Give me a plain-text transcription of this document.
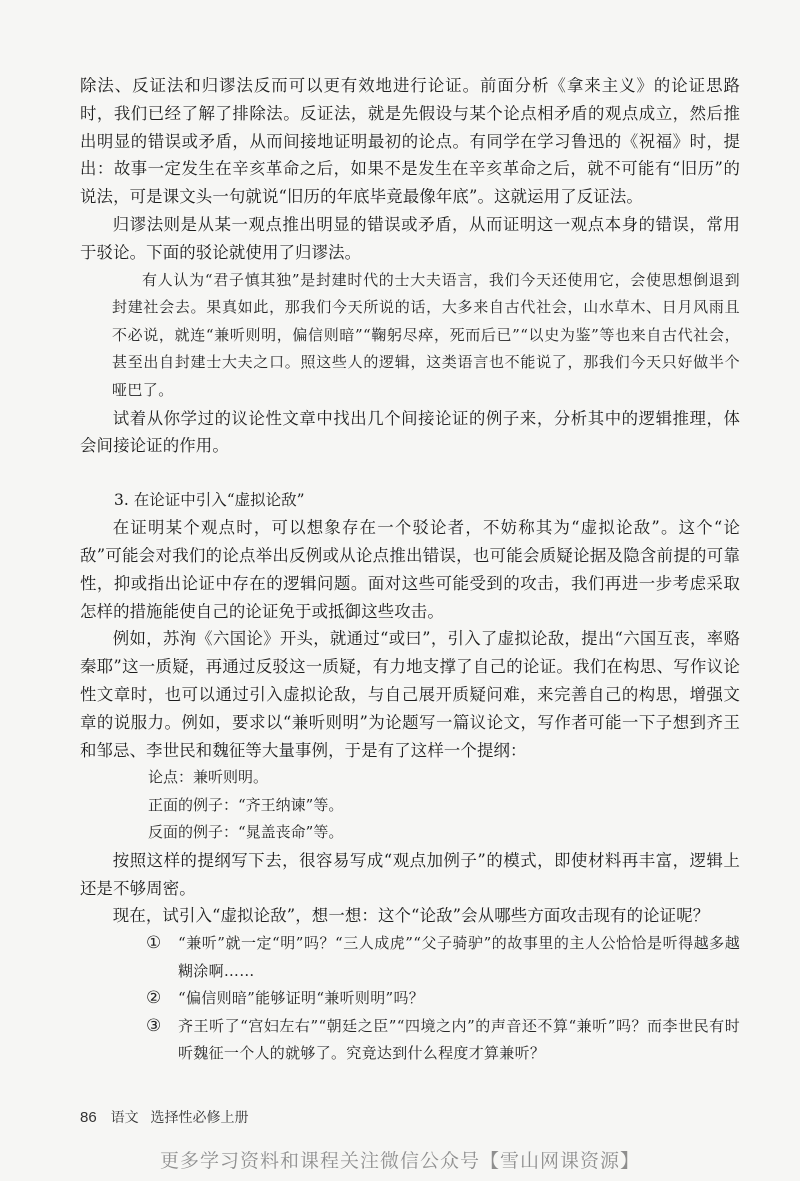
除法、反证法和归谬法反而可以更有效地进行论证。前面分析《拿来主义》的论证思路时，我们已经了解了排除法。反证法，就是先假设与某个论点相矛盾的观点成立，然后推出明显的错误或矛盾，从而间接地证明最初的论点。有同学在学习鲁迅的《祝福》时，提出：故事一定发生在辛亥革命之后，如果不是发生在辛亥革命之后，就不可能有“旧历”的说法，可是课文头一句就说“旧历的年底毕竟最像年底”。这就运用了反证法。

归谬法则是从某一观点推出明显的错误或矛盾，从而证明这一观点本身的错误，常用于驳论。下面的驳论就使用了归谬法。

有人认为“君子慎其独”是封建时代的士大夫语言，我们今天还使用它，会使思想倒退到封建社会去。果真如此，那我们今天所说的话，大多来自古代社会，山水草木、日月风雨且不必说，就连“兼听则明，偏信则暗”“鞠躬尽瘁，死而后已”“以史为鉴”等也来自古代社会，甚至出自封建士大夫之口。照这些人的逻辑，这类语言也不能说了，那我们今天只好做半个哑巴了。

试着从你学过的议论性文章中找出几个间接论证的例子来，分析其中的逻辑推理，体会间接论证的作用。

3. 在论证中引入“虚拟论敌”

在证明某个观点时，可以想象存在一个驳论者，不妨称其为“虚拟论敌”。这个“论敌”可能会对我们的论点举出反例或从论点推出错误，也可能会质疑论据及隐含前提的可靠性，抑或指出论证中存在的逻辑问题。面对这些可能受到的攻击，我们再进一步考虑采取怎样的措施能使自己的论证免于或抵御这些攻击。

例如，苏洵《六国论》开头，就通过“或曰”，引入了虚拟论敌，提出“六国互丧，率赂秦耶”这一质疑，再通过反驳这一质疑，有力地支撑了自己的论证。我们在构思、写作议论性文章时，也可以通过引入虚拟论敌，与自己展开质疑问难，来完善自己的构思，增强文章的说服力。例如，要求以“兼听则明”为论题写一篇议论文，写作者可能一下子想到齐王和邹忌、李世民和魏征等大量事例，于是有了这样一个提纲：

论点：兼听则明。

正面的例子：“齐王纳谏”等。

反面的例子：“晁盖丧命”等。

按照这样的提纲写下去，很容易写成“观点加例子”的模式，即使材料再丰富，逻辑上还是不够周密。

现在，试引入“虚拟论敌”，想一想：这个“论敌”会从哪些方面攻击现有的论证呢？

①	“兼听”就一定“明”吗？“三人成虎”“父子骑驴”的故事里的主人公恰恰是听得越多越糊涂啊……
②	“偏信则暗”能够证明“兼听则明”吗？
③	齐王听了“宫妇左右”“朝廷之臣”“四境之内”的声音还不算“兼听”吗？而李世民有时听魏征一个人的就够了。究竟达到什么程度才算兼听？
86 语文 选择性必修上册
更多学习资料和课程关注微信公众号【雪山网课资源】
